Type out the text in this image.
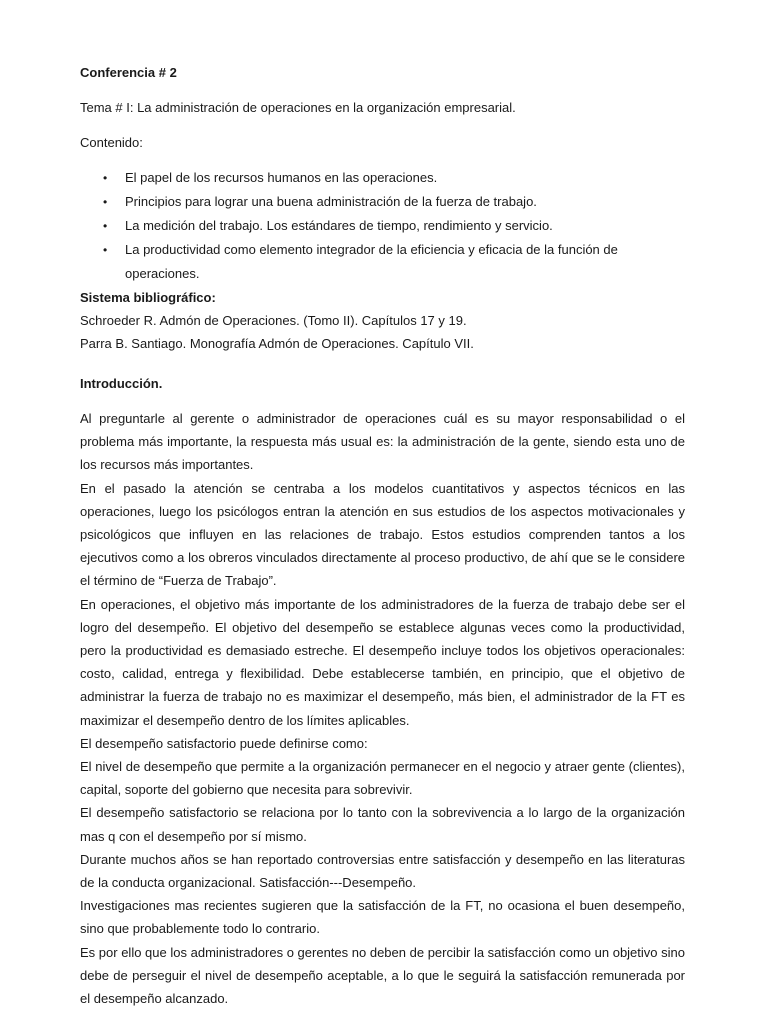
Conferencia # 2

Tema # I: La administración de operaciones en la organización empresarial.

Contenido:

• El papel de los recursos humanos en las operaciones.
• Principios para lograr una buena administración de la fuerza de trabajo.
• La medición del trabajo. Los estándares de tiempo, rendimiento y servicio.
• La productividad como elemento integrador de la eficiencia y eficacia de la función de operaciones.

Sistema bibliográfico:

Schroeder R. Admón de Operaciones. (Tomo II). Capítulos 17 y 19.

Parra B. Santiago. Monografía Admón de Operaciones. Capítulo VII.

Introducción.

Al preguntarle al gerente o administrador de operaciones cuál es su mayor responsabilidad o el problema más importante, la respuesta más usual es: la administración de la gente, siendo esta uno de los recursos más importantes.

En el pasado la atención se centraba a los modelos cuantitativos y aspectos técnicos en las operaciones, luego los psicólogos entran la atención en sus estudios de los aspectos motivacionales y psicológicos que influyen en las relaciones de trabajo. Estos estudios comprenden tantos a los ejecutivos como a los obreros vinculados directamente al proceso productivo, de ahí que se le considere el término de “Fuerza de Trabajo”.

En operaciones, el objetivo más importante de los administradores de la fuerza de trabajo debe ser el logro del desempeño. El objetivo del desempeño se establece algunas veces como la productividad, pero la productividad es demasiado estreche. El desempeño incluye todos los objetivos operacionales: costo, calidad, entrega y flexibilidad. Debe establecerse también, en principio, que el objetivo de administrar la fuerza de trabajo no es maximizar el desempeño, más bien, el administrador de la FT es maximizar el desempeño dentro de los límites aplicables.

El desempeño satisfactorio puede definirse como:

El nivel de desempeño que permite a la organización permanecer en el negocio y atraer gente (clientes), capital, soporte del gobierno que necesita para sobrevivir.

El desempeño satisfactorio se relaciona por lo tanto con la sobrevivencia a lo largo de la organización mas q con el desempeño por sí mismo.

Durante muchos años se han reportado controversias entre satisfacción y desempeño en las literaturas de la conducta organizacional. Satisfacción---Desempeño.

Investigaciones mas recientes sugieren que la satisfacción de la FT, no ocasiona el buen desempeño, sino que probablemente todo lo contrario.

Es por ello que los administradores o gerentes no deben de percibir la satisfacción como un objetivo sino debe de perseguir el nivel de desempeño aceptable, a lo que le seguirá la satisfacción remunerada por el desempeño alcanzado.
